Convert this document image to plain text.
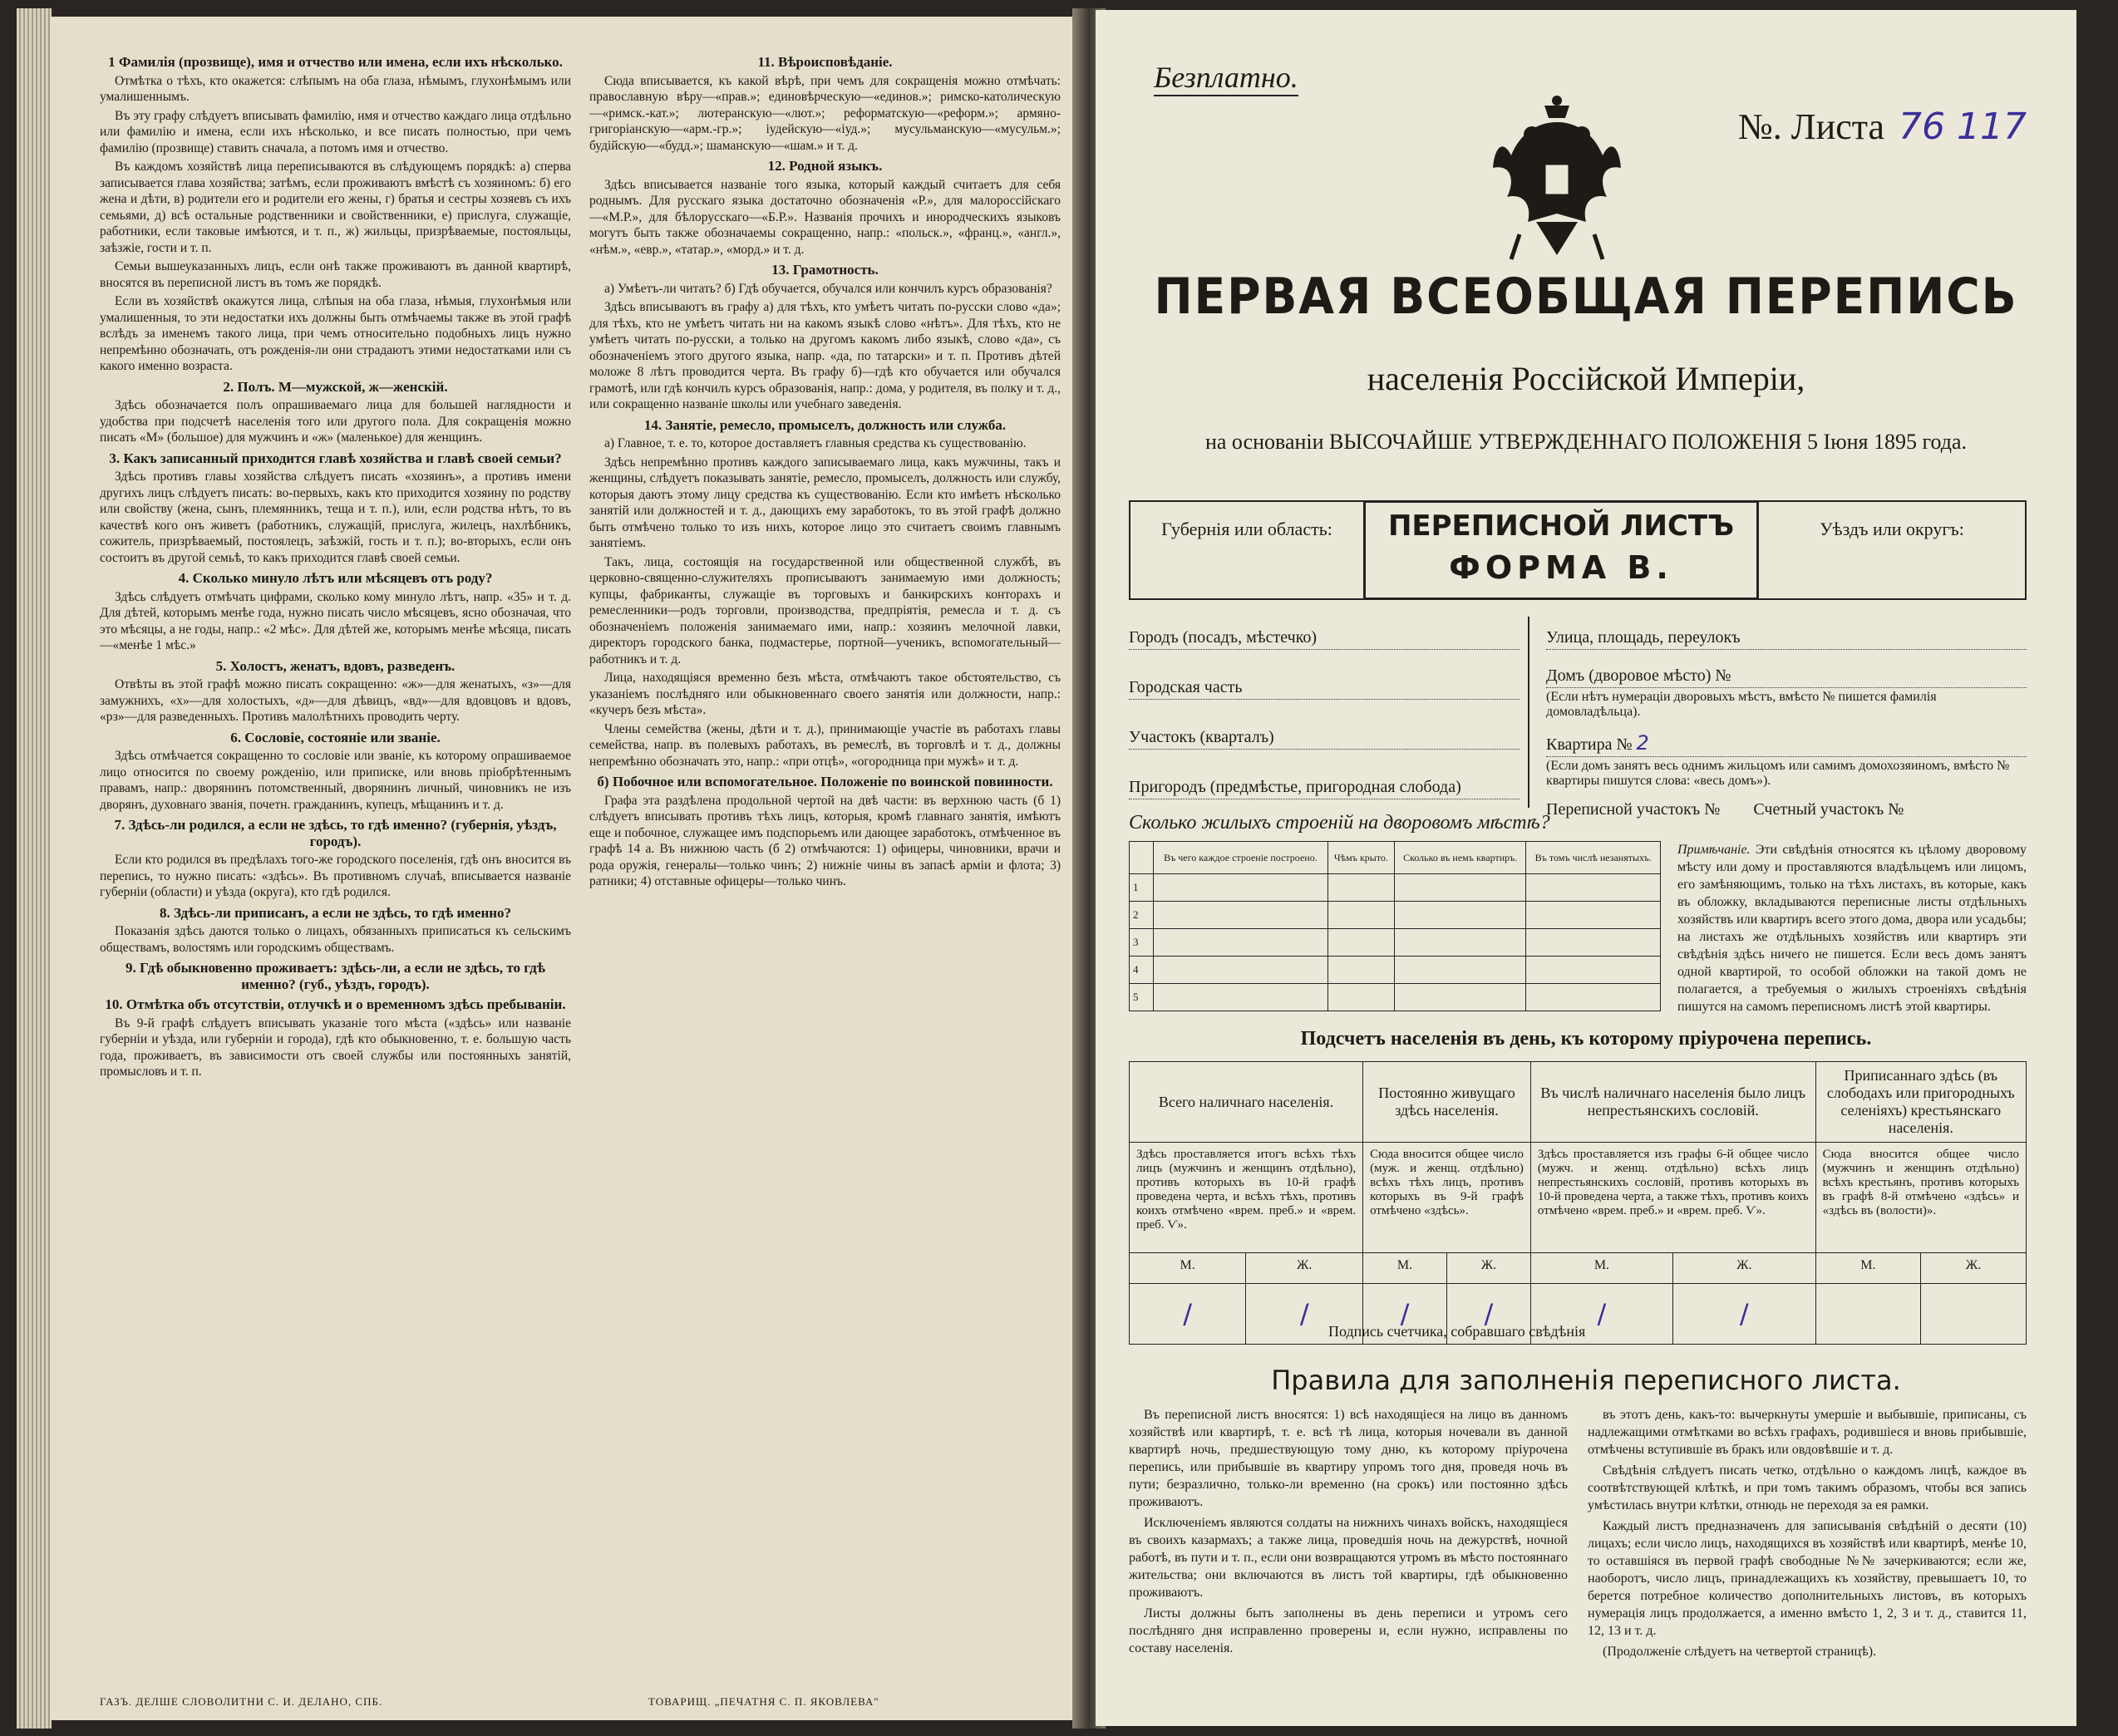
1 Фамилія (прозвище), имя и отчество или имена, если ихъ нѣсколько.

Отмѣтка о тѣхъ, кто окажется: слѣпымъ на оба глаза, нѣмымъ, глухонѣмымъ или умалишеннымъ.

Въ эту графу слѣдуетъ вписывать фамилію, имя и отчество каждаго лица отдѣльно или фамилію и имена, если ихъ нѣсколько, и все писать полностью, при чемъ фамилію (прозвище) ставить сначала, а потомъ имя и отчество.

Въ каждомъ хозяйствѣ лица переписываются въ слѣдующемъ порядкѣ: а) сперва записывается глава хозяйства; затѣмъ, если проживаютъ вмѣстѣ съ хозяиномъ: б) его жена и дѣти, в) родители его и родители его жены, г) братья и сестры хозяевъ съ ихъ семьями, д) всѣ остальные родственники и свойственники, е) прислуга, служащіе, работники, если таковые имѣются, и т. п., ж) жильцы, призрѣваемые, постояльцы, заѣзжіе, гости и т. п.

Семьи вышеуказанныхъ лицъ, если онѣ также проживаютъ въ данной квартирѣ, вносятся въ переписной листъ въ томъ же порядкѣ.

Если въ хозяйствѣ окажутся лица, слѣпыя на оба глаза, нѣмыя, глухонѣмыя или умалишенныя, то эти недостатки ихъ должны быть отмѣчаемы также въ этой графѣ вслѣдъ за именемъ такого лица, при чемъ относительно подобныхъ лицъ нужно непремѣнно обозначать, отъ рожденія-ли они страдаютъ этими недостатками или съ какого именно возраста.

2. Полъ. М—мужской, ж—женскій.

Здѣсь обозначается полъ опрашиваемаго лица для большей наглядности и удобства при подсчетѣ населенія того или другого пола. Для сокращенія можно писать «М» (большое) для мужчинъ и «ж» (маленькое) для женщинъ.

3. Какъ записанный приходится главѣ хозяйства и главѣ своей семьи?

Здѣсь противъ главы хозяйства слѣдуетъ писать «хозяинъ», а противъ имени другихъ лицъ слѣдуетъ писать: во-первыхъ, какъ кто приходится хозяину по родству или свойству (жена, сынъ, племянникъ, теща и т. п.), или, если родства нѣтъ, то въ качествѣ кого онъ живетъ (работникъ, служащій, прислуга, жилецъ, нахлѣбникъ, сожитель, призрѣваемый, постоялецъ, заѣзжій, гость и т. п.); во-вторыхъ, если онъ состоитъ въ другой семьѣ, то какъ приходится главѣ своей семьи.

4. Сколько минуло лѣтъ или мѣсяцевъ отъ роду?

Здѣсь слѣдуетъ отмѣчать цифрами, сколько кому минуло лѣтъ, напр. «35» и т. д. Для дѣтей, которымъ менѣе года, нужно писать число мѣсяцевъ, ясно обозначая, что это мѣсяцы, а не годы, напр.: «2 мѣс». Для дѣтей же, которымъ менѣе мѣсяца, писать—«менѣе 1 мѣс.»

5. Холостъ, женатъ, вдовъ, разведенъ.

Отвѣты въ этой графѣ можно писать сокращенно: «ж»—для женатыхъ, «з»—для замужнихъ, «х»—для холостыхъ, «д»—для дѣвицъ, «вд»—для вдовцовъ и вдовъ, «рз»—для разведенныхъ. Противъ малолѣтнихъ проводить черту.

6. Сословіе, состояніе или званіе.

Здѣсь отмѣчается сокращенно то сословіе или званіе, къ которому опрашиваемое лицо относится по своему рожденію, или приписке, или вновь пріобрѣтеннымъ правамъ, напр.: дворянинъ потомственный, дворянинъ личный, чиновникъ не изъ дворянъ, духовнаго званія, почетн. гражданинъ, купецъ, мѣщанинъ и т. д.

7. Здѣсь-ли родился, а если не здѣсь, то гдѣ именно? (губернія, уѣздъ, городъ).

Если кто родился въ предѣлахъ того-же городского поселенія, гдѣ онъ вносится въ перепись, то нужно писать: «здѣсь». Въ противномъ случаѣ, вписывается названіе губерніи (области) и уѣзда (округа), кто гдѣ родился.

8. Здѣсь-ли приписанъ, а если не здѣсь, то гдѣ именно?

Показанія здѣсь даются только о лицахъ, обязанныхъ приписаться къ сельскимъ обществамъ, волостямъ или городскимъ обществамъ.

9. Гдѣ обыкновенно проживаетъ: здѣсь-ли, а если не здѣсь, то гдѣ именно? (губ., уѣздъ, городъ).
10. Отмѣтка объ отсутствіи, отлучкѣ и о временномъ здѣсь пребываніи.

Въ 9-й графѣ слѣдуетъ вписывать указаніе того мѣста («здѣсь» или названіе губерніи и уѣзда, или губерніи и города), гдѣ кто обыкновенно, т. е. большую часть года, проживаетъ, въ зависимости отъ своей службы или постоянныхъ занятій, промысловъ и т. п.

11. Вѣроисповѣданіе.

Сюда вписывается, къ какой вѣрѣ, при чемъ для сокращенія можно отмѣчать: православную вѣру—«прав.»; единовѣрческую—«единов.»; римско-католическую—«римск.-кат.»; лютеранскую—«лют.»; реформатскую—«реформ.»; армяно-григоріанскую—«арм.-гр.»; іудейскую—«іуд.»; мусульманскую—«мусульм.»; будійскую—«будд.»; шаманскую—«шам.» и т. д.

12. Родной языкъ.

Здѣсь вписывается названіе того языка, который каждый считаетъ для себя роднымъ. Для русскаго языка достаточно обозначенія «Р.», для малороссійскаго—«М.Р.», для бѣлорусскаго—«Б.Р.». Названія прочихъ и инородческихъ языковъ могутъ быть также обозначаемы сокращенно, напр.: «польск.», «франц.», «англ.», «нѣм.», «евр.», «татар.», «морд.» и т. д.

13. Грамотность.

а) Умѣетъ-ли читать? б) Гдѣ обучается, обучался или кончилъ курсъ образованія?

Здѣсь вписываютъ въ графу а) для тѣхъ, кто умѣетъ читать по-русски слово «да»; для тѣхъ, кто не умѣетъ читать ни на какомъ языкѣ слово «нѣтъ». Для тѣхъ, кто не умѣетъ читать по-русски, а только на другомъ какомъ либо языкѣ, слово «да», съ обозначеніемъ этого другого языка, напр. «да, по татарски» и т. п. Противъ дѣтей моложе 8 лѣтъ проводится черта. Въ графу б)—гдѣ кто обучается или обучался грамотѣ, или гдѣ кончилъ курсъ образованія, напр.: дома, у родителя, въ полку и т. д., или сокращенно названіе школы или учебнаго заведенія.

14. Занятіе, ремесло, промыселъ, должность или служба.

а) Главное, т. е. то, которое доставляетъ главныя средства къ существованію.

Здѣсь непремѣнно противъ каждого записываемаго лица, какъ мужчины, такъ и женщины, слѣдуетъ показывать занятіе, ремесло, промыселъ, должность или службу, которыя даютъ этому лицу средства къ существованію. Если кто имѣетъ нѣсколько занятій или должностей и т. д., дающихъ ему заработокъ, то въ этой графѣ должно быть отмѣчено только то изъ нихъ, которое лицо это считаетъ своимъ главнымъ занятіемъ.

Такъ, лица, состоящія на государственной или общественной службѣ, въ церковно-священно-служителяхъ прописываютъ занимаемую ими должность; купцы, фабриканты, служащіе въ торговыхъ и банкирскихъ конторахъ и ремесленники—родъ торговли, производства, предпріятія, ремесла и т. д. съ обозначеніемъ положенія занимаемаго ими, напр.: хозяинъ мелочной лавки, директоръ городского банка, подмастерье, портной—ученикъ, вспомогательный—работникъ и т. д.

Лица, находящіяся временно безъ мѣста, отмѣчаютъ такое обстоятельство, съ указаніемъ послѣдняго или обыкновеннаго своего занятія или должности, напр.: «кучеръ безъ мѣста».

Члены семейства (жены, дѣти и т. д.), принимающіе участіе въ работахъ главы семейства, напр. въ полевыхъ работахъ, въ ремеслѣ, въ торговлѣ и т. д., должны непремѣнно обозначать это, напр.: «при отцѣ», «огородница при мужѣ» и т. д.

б) Побочное или вспомогательное. Положеніе по воинской повинности.

Графа эта раздѣлена продольной чертой на двѣ части: въ верхнюю часть (б 1) слѣдуетъ вписывать противъ тѣхъ лицъ, которыя, кромѣ главнаго занятія, имѣютъ еще и побочное, служащее имъ подспорьемъ или дающее заработокъ, отмѣченное въ графѣ 14 а. Въ нижнюю часть (б 2) отмѣчаются: 1) офицеры, чиновники, врачи и рода оружія, генералы—только чинъ; 2) нижніе чины въ запасѣ арміи и флота; 3) ратники; 4) отставные офицеры—только чинъ.

ГАЗЪ. ДЕЛШЕ СЛОВОЛИТНИ С. И. ДЕЛАНО, СПБ.	ТОВАРИЩ. „ПЕЧАТНЯ С. П. ЯКОВЛЕВА"
Безплатно.
№. Листа 76 117
ПЕРВАЯ ВСЕОБЩАЯ ПЕРЕПИСЬ
населенія Россійской Имперіи,
на основаніи ВЫСОЧАЙШЕ УТВЕРЖДЕННАГО ПОЛОЖЕНІЯ 5 Іюня 1895 года.
Губернія или область:	ПЕРЕПИСНОЙ ЛИСТЪ
ФОРМА В.
Уѣздъ или округъ:
Городъ (посадъ, мѣстечко)
Городская часть
Участокъ (кварталъ)
Пригородъ (предмѣстье, пригородная слобода)
Улица, площадь, переулокъ
Домъ (дворовое мѣсто) №
(Если нѣтъ нумераціи дворовыхъ мѣстъ, вмѣсто № пишется фамилія домовладѣльца).
Квартира № 2
(Если домъ занятъ весь однимъ жильцомъ или самимъ домохозяиномъ, вмѣсто № квартиры пишутся слова: «весь домъ»).
Переписной участокъ № Счетный участокъ №
Сколько жилыхъ строеній на дворовомъ мѣстѣ?
	Въ чего каждое строеніе построено.	Чѣмъ крыто.	Сколько въ немъ квартиръ.	Въ томъ числѣ незанятыхъ.
1				
2				
3				
4				
5				
Примѣчаніе. Эти свѣдѣнія относятся къ цѣлому дворовому мѣсту или дому и проставляются владѣльцемъ или лицомъ, его замѣняющимъ, только на тѣхъ листахъ, въ которые, какъ въ обложку, вкладываются переписные листы отдѣльныхъ хозяйствъ или квартиръ всего этого дома, двора или усадьбы; на листахъ же отдѣльныхъ хозяйствъ или квартиръ эти свѣдѣнія здѣсь ничего не пишется. Если весь домъ занятъ одной квартирой, то особой обложки на такой домъ не полагается, а требуемыя о жилыхъ строеніяхъ свѣдѣнія пишутся на самомъ переписномъ листѣ этой квартиры.
Подсчетъ населенія въ день, къ которому пріурочена перепись.
Всего наличнаго населенія.		Постоянно живущаго здѣсь населенія.		Въ числѣ наличнаго населенія было лицъ непрестьянскихъ сословій.		Приписаннаго здѣсь (въ слободахъ или пригородныхъ селеніяхъ) крестьянскаго населенія.	
Здѣсь проставляется итогъ всѣхъ тѣхъ лицъ (мужчинъ и женщинъ отдѣльно), противъ которыхъ въ 10-й графѣ проведена черта, и всѣхъ тѣхъ, противъ коихъ отмѣчено «врем. преб.» и «врем. преб. Ѵ».		Сюда вносится общее число (муж. и женщ. отдѣльно) всѣхъ тѣхъ лицъ, противъ которыхъ въ 9-й графѣ отмѣчено «здѣсь».		Здѣсь проставляется изъ графы 6-й общее число (мужч. и женщ. отдѣльно) всѣхъ лицъ непрестьянскихъ сословій, противъ которыхъ въ 10-й проведена черта, а также тѣхъ, противъ коихъ отмѣчено «врем. преб.» и «врем. преб. Ѵ».		Сюда вносится общее число (мужчинъ и женщинъ отдѣльно) всѣхъ крестьянъ, противъ которыхъ въ графѣ 8-й отмѣчено «здѣсь» и «здѣсь въ (волости)».	
М.	Ж.	М.	Ж.	М.	Ж.	М.	Ж.
/	/	/	/	/	/		
Подпись счетчика, собравшаго свѣдѣнія
Правила для заполненія переписного листа.

Въ переписной листъ вносятся: 1) всѣ находящіеся на лицо въ данномъ хозяйствѣ или квартирѣ, т. е. всѣ тѣ лица, которыя ночевали въ данной квартирѣ ночь, предшествующую тому дню, къ которому пріурочена перепись, или прибывшіе въ квартиру упромъ того дня, проведя ночь въ пути; безразлично, только-ли временно (на срокъ) или постоянно здѣсь проживаютъ.

Исключеніемъ являются солдаты на нижнихъ чинахъ войскъ, находящіеся въ своихъ казармахъ; а также лица, проведшія ночь на дежурствѣ, ночной работѣ, въ пути и т. п., если они возвращаются утромъ въ мѣсто постояннаго жительства; они включаются въ листъ той квартиры, гдѣ обыкновенно проживаютъ.

Листы должны быть заполнены въ день переписи и утромъ сего послѣдняго дня исправленно проверены и, если нужно, исправлены по составу населенія.

въ этотъ день, какъ-то: вычеркнуты умершіе и выбывшіе, приписаны, съ надлежащими отмѣтками во всѣхъ графахъ, родившіеся и вновь прибывшіе, отмѣчены вступившіе въ бракъ или овдовѣвшіе и т. д.

Свѣдѣнія слѣдуетъ писать четко, отдѣльно о каждомъ лицѣ, каждое въ соотвѣтствующей клѣткѣ, и при томъ такимъ образомъ, чтобы вся запись умѣстилась внутри клѣтки, отнюдь не переходя за ея рамки.

Каждый листъ предназначенъ для записыванія свѣдѣній о десяти (10) лицахъ; если число лицъ, находящихся въ хозяйствѣ или квартирѣ, менѣе 10, то оставшіяся въ первой графѣ свободные №№ зачеркиваются; если же, наоборотъ, число лицъ, принадлежащихъ къ хозяйству, превышаетъ 10, то берется потребное количество дополнительныхъ листовъ, въ которыхъ нумерація лицъ продолжается, а именно вмѣсто 1, 2, 3 и т. д., ставится 11, 12, 13 и т. д.

(Продолженіе слѣдуетъ на четвертой страницѣ).
